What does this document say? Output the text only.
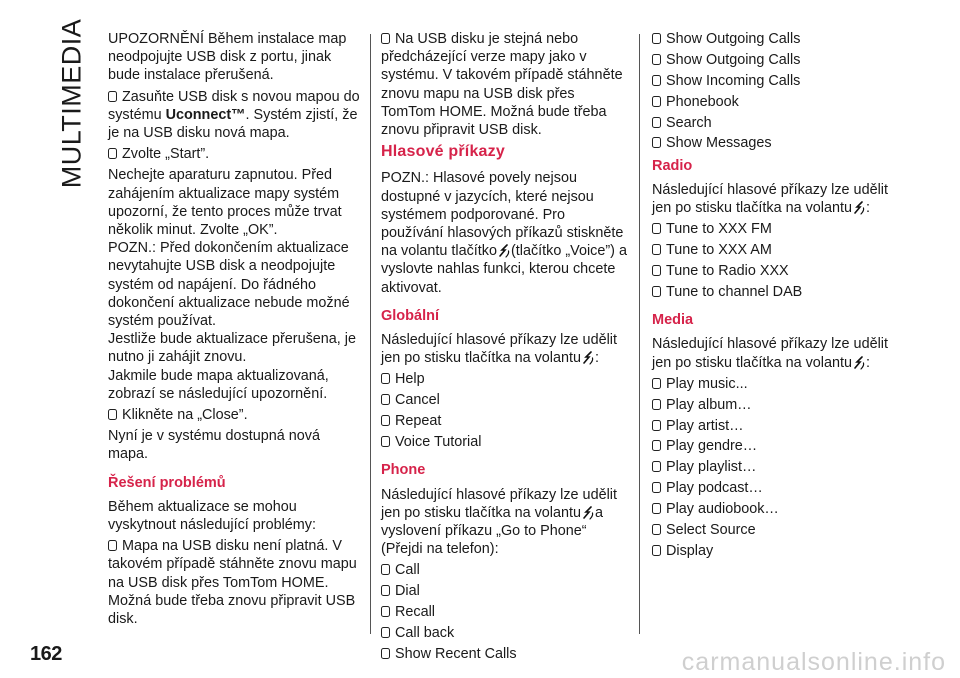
MULTIMEDIA UPOZORNĚNÍ Během instalace map neodpojujte USB disk z portu, jinak bude instalace přerušená.

Zasuňte USB disk s novou mapou do systému Uconnect™. Systém zjistí, že je na USB disku nová mapa.

Zvolte „Start”.

Nechejte aparaturu zapnutou. Před zahájením aktualizace mapy systém upozorní, že tento proces může trvat několik minut. Zvolte „OK”.

POZN.: Před dokončením aktualizace nevytahujte USB disk a neodpojujte systém od napájení. Do řádného dokončení aktualizace nebude možné systém používat.

Jestliže bude aktualizace přerušena, je nutno ji zahájit znovu.

Jakmile bude mapa aktualizovaná, zobrazí se následující upozornění.

Klikněte na „Close”.

Nyní je v systému dostupná nová mapa.

Řešení problémů

Během aktualizace se mohou vyskytnout následující problémy:

Mapa na USB disku není platná. V takovém případě stáhněte znovu mapu na USB disk přes TomTom HOME. Možná bude třeba znovu připravit USB disk.

Na USB disku je stejná nebo předcházející verze mapy jako v systému. V takovém případě stáhněte znovu mapu na USB disk přes TomTom HOME. Možná bude třeba znovu připravit USB disk.

Hlasové příkazy

POZN.: Hlasové povely nejsou dostupné v jazycích, které nejsou systémem podporované. Pro používání hlasových příkazů stiskněte na volantu tlačítko (tlačítko „Voice”) a vyslovte nahlas funkci, kterou chcete aktivovat.

Globální

Následující hlasové příkazy lze udělit jen po stisku tlačítka na volantu :

Help
Cancel
Repeat
Voice Tutorial
Phone

Následující hlasové příkazy lze udělit jen po stisku tlačítka na volantu a vyslovení příkazu „Go to Phone“ (Přejdi na telefon):

Call
Dial
Recall
Call back
Show Recent Calls
Show Outgoing Calls
Show Outgoing Calls
Show Incoming Calls
Phonebook
Search
Show Messages
Radio

Následující hlasové příkazy lze udělit jen po stisku tlačítka na volantu :

Tune to XXX FM
Tune to XXX AM
Tune to Radio XXX
Tune to channel DAB
Media

Následující hlasové příkazy lze udělit jen po stisku tlačítka na volantu :

Play music...
Play album…
Play artist…
Play gendre…
Play playlist…
Play podcast…
Play audiobook…
Select Source
Display
162	carmanualsonline.info
